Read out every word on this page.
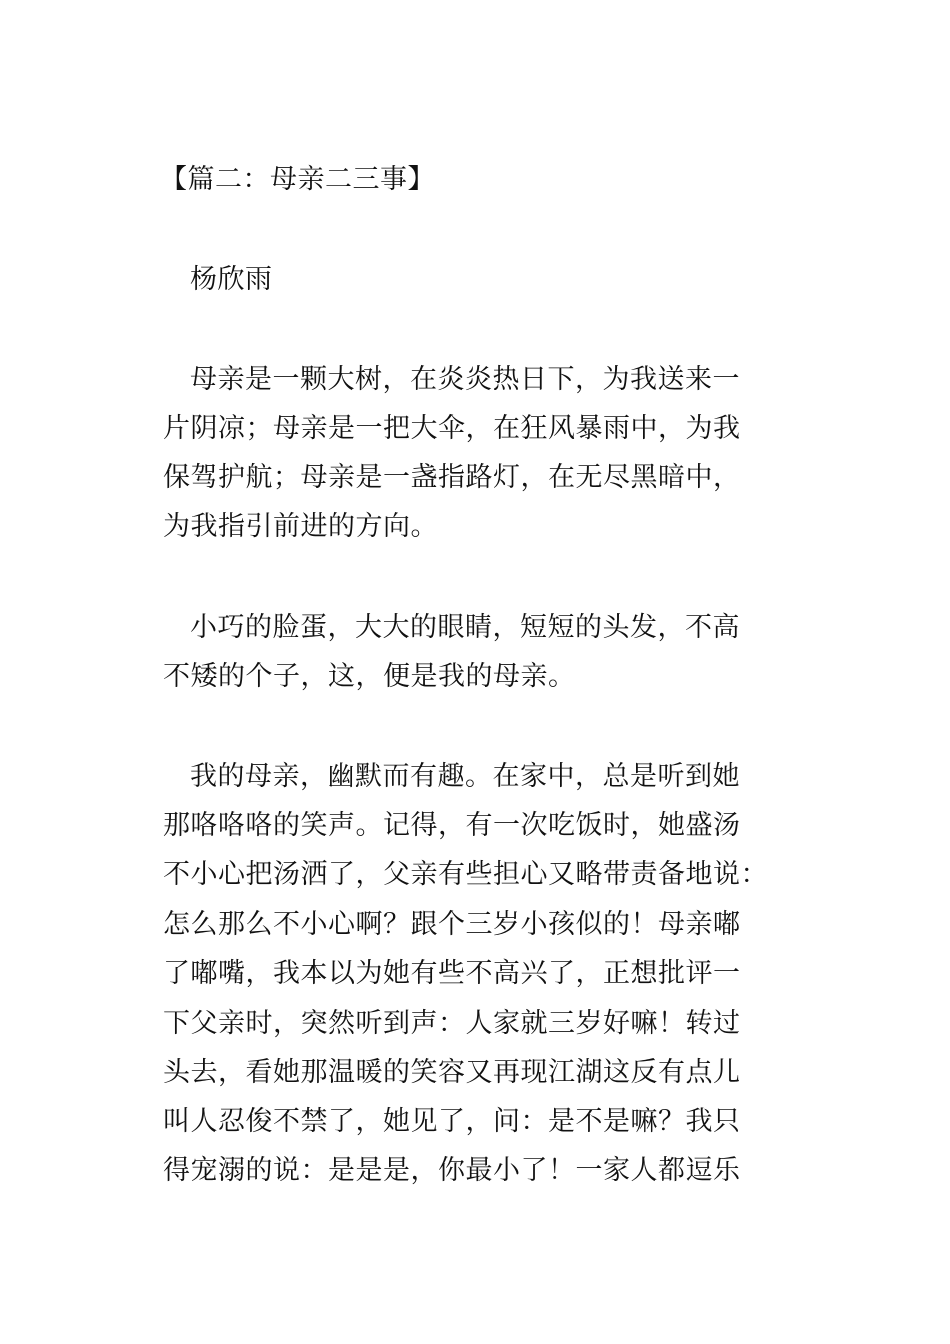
【篇二：母亲二三事】
杨欣雨
母亲是一颗大树，在炎炎热日下，为我送来一
片阴凉；母亲是一把大伞，在狂风暴雨中，为我
保驾护航；母亲是一盏指路灯，在无尽黑暗中，
为我指引前进的方向。
小巧的脸蛋，大大的眼睛，短短的头发，不高
不矮的个子，这，便是我的母亲。
我的母亲，幽默而有趣。在家中，总是听到她
那咯咯咯的笑声。记得，有一次吃饭时，她盛汤
不小心把汤洒了，父亲有些担心又略带责备地说：
怎么那么不小心啊？跟个三岁小孩似的！母亲嘟
了嘟嘴，我本以为她有些不高兴了，正想批评一
下父亲时，突然听到声：人家就三岁好嘛！转过
头去，看她那温暖的笑容又再现江湖这反有点儿
叫人忍俊不禁了，她见了，问：是不是嘛？我只
得宠溺的说：是是是，你最小了！一家人都逗乐
